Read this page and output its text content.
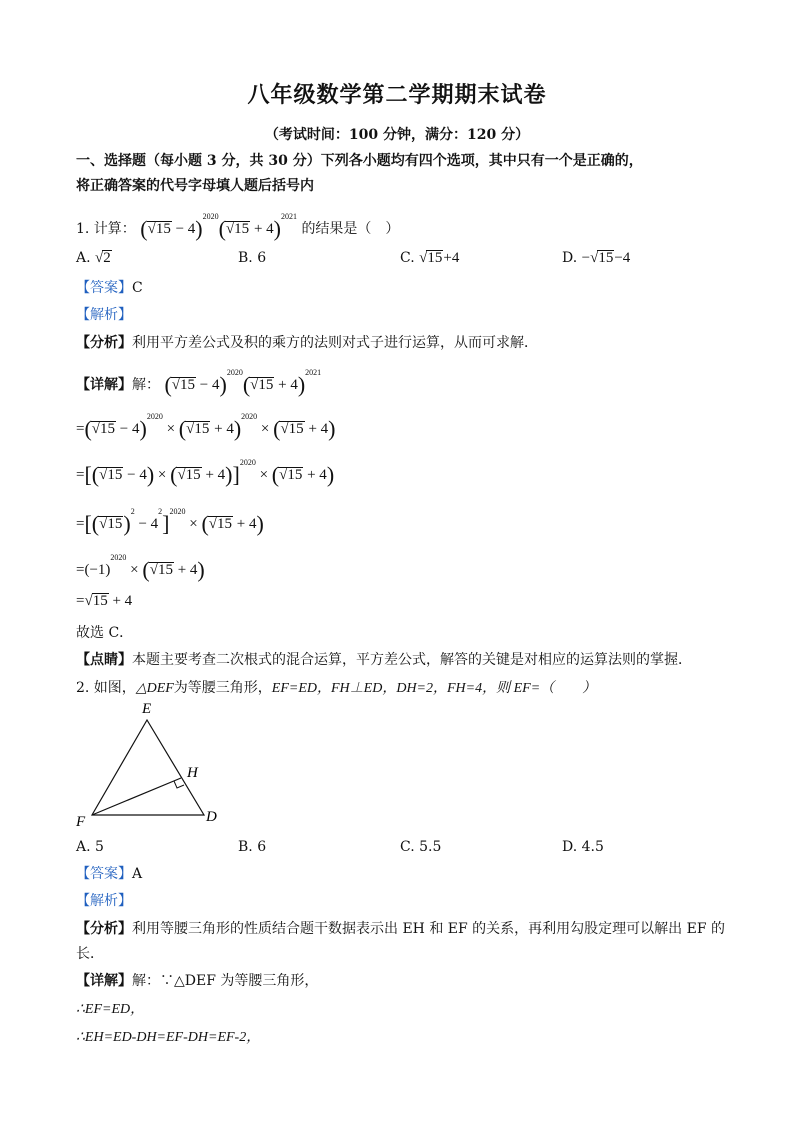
八年级数学第二学期期末试卷
（考试时间：100 分钟，满分：120 分）
一、选择题（每小题 3 分，共 30 分）下列各小题均有四个选项，其中只有一个是正确的，
将正确答案的代号字母填人题后括号内
1. 计算： $(√15 - 4)^{2020}(√15 + 4)^{2021}$ 的结果是（　）
A. √2	B. 6	C. √15+4	D. −√15−4
【答案】C
【解析】
【分析】利用平方差公式及积的乘方的法则对式子进行运算，从而可求解．
【详解】解： $(√15 - 4)^{2020}(√15 + 4)^{2021}$
$=(√15 - 4)^{2020} \times (√15 + 4)^{2020} \times (√15 + 4)$
$=[(√15 - 4) \times (√15 + 4)]^{2020} \times (√15 + 4)$
$=[(√15)^2 - 4^2]^{2020} \times (√15 + 4)$
$=(-1)^{2020} \times (√15 + 4)$
=√15 + 4
故选 C．
【点睛】本题主要考查二次根式的混合运算，平方差公式，解答的关键是对相应的运算法则的掌握．
2. 如图，△DEF为等腰三角形，EF=ED，FH⊥ED，DH=2，FH=4，则 EF=（　　）
E
F	D
H
A. 5	B. 6	C. 5.5	D. 4.5
【答案】A
【解析】
【分析】利用等腰三角形的性质结合题干数据表示出 EH 和 EF 的关系，再利用勾股定理可以解出 EF 的
长．
【详解】解：∵△DEF 为等腰三角形，
∴EF=ED，
∴EH=ED-DH=EF-DH=EF-2，
